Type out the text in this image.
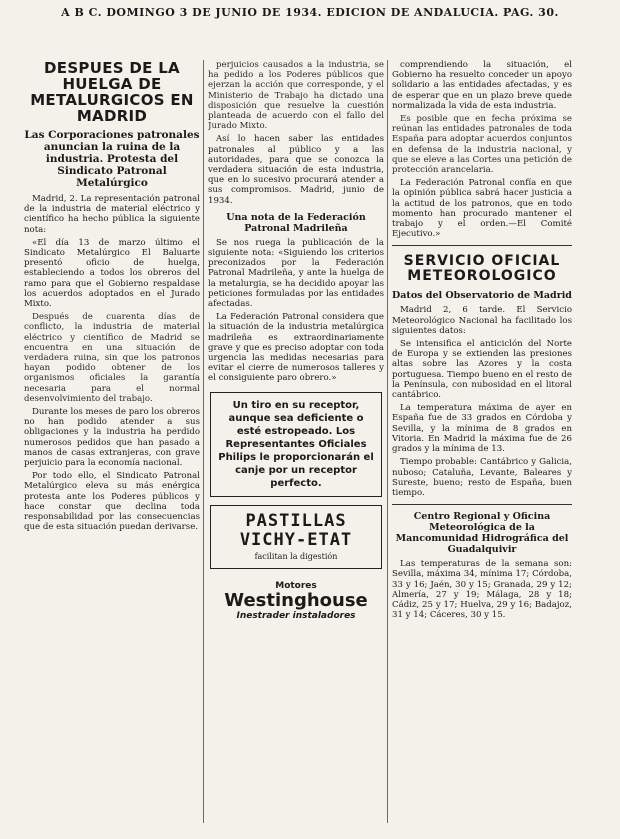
A B C. DOMINGO 3 DE JUNIO DE 1934. EDICION DE ANDALUCIA. PAG. 30.
DESPUES DE LA HUELGA DE METALURGICOS EN MADRID
Las Corporaciones patronales anuncian la ruina de la industria. Protesta del Sindicato Patronal Metalúrgico

Madrid, 2. La representación patronal de la industria de material eléctrico y científico ha hecho pública la siguiente nota:

«El día 13 de marzo último el Sindicato Metalúrgico El Baluarte presentó oficio de huelga, estableciendo a todos los obreros del ramo para que el Gobierno respaldase los acuerdos adoptados en el Jurado Mixto.

Después de cuarenta días de conflicto, la industria de material eléctrico y científico de Madrid se encuentra en una situación de verdadera ruina, sin que los patronos hayan podido obtener de los organismos oficiales la garantía necesaria para el normal desenvolvimiento del trabajo.

Durante los meses de paro los obreros no han podido atender a sus obligaciones y la industria ha perdido numerosos pedidos que han pasado a manos de casas extranjeras, con grave perjuicio para la economía nacional.

Por todo ello, el Sindicato Patronal Metalúrgico eleva su más enérgica protesta ante los Poderes públicos y hace constar que declina toda responsabilidad por las consecuencias que de esta situación puedan derivarse.

perjuicios causados a la industria, se ha pedido a los Poderes públicos que ejerzan la acción que corresponde, y el Ministerio de Trabajo ha dictado una disposición que resuelve la cuestión planteada de acuerdo con el fallo del Jurado Mixto.

Así lo hacen saber las entidades patronales al público y a las autoridades, para que se conozca la verdadera situación de esta industria, que en lo sucesivo procurará atender a sus compromisos. Madrid, junio de 1934.

Una nota de la Federación Patronal Madrileña

Se nos ruega la publicación de la siguiente nota: «Siguiendo los criterios preconizados por la Federación Patronal Madrileña, y ante la huelga de la metalurgia, se ha decidido apoyar las peticiones formuladas por las entidades afectadas.

La Federación Patronal considera que la situación de la industria metalúrgica madrileña es extraordinariamente grave y que es preciso adoptar con toda urgencia las medidas necesarias para evitar el cierre de numerosos talleres y el consiguiente paro obrero.»

Un tiro en su receptor, aunque sea deficiente o esté estropeado. Los Representantes Oficiales Philips le proporcionarán el canje por un receptor perfecto.
PASTILLAS
VICHY-ETAT
facilitan la digestión
Motores
Westinghouse
Inestrader instaladores

comprendiendo la situación, el Gobierno ha resuelto conceder un apoyo solidario a las entidades afectadas, y es de esperar que en un plazo breve quede normalizada la vida de esta industria.

Es posible que en fecha próxima se reúnan las entidades patronales de toda España para adoptar acuerdos conjuntos en defensa de la industria nacional, y que se eleve a las Cortes una petición de protección arancelaria.

La Federación Patronal confía en que la opinión pública sabrá hacer justicia a la actitud de los patronos, que en todo momento han procurado mantener el trabajo y el orden.—El Comité Ejecutivo.»

SERVICIO OFICIAL METEOROLOGICO
Datos del Observatorio de Madrid

Madrid 2, 6 tarde. El Servicio Meteorológico Nacional ha facilitado los siguientes datos:

Se intensifica el anticiclón del Norte de Europa y se extienden las presiones altas sobre las Azores y la costa portuguesa. Tiempo bueno en el resto de la Península, con nubosidad en el litoral cantábrico.

La temperatura máxima de ayer en España fue de 33 grados en Córdoba y Sevilla, y la mínima de 8 grados en Vitoria. En Madrid la máxima fue de 26 grados y la mínima de 13.

Tiempo probable: Cantábrico y Galicia, nuboso; Cataluña, Levante, Baleares y Sureste, bueno; resto de España, buen tiempo.

Centro Regional y Oficina Meteorológica de la Mancomunidad Hidrográfica del Guadalquivir

Las temperaturas de la semana son: Sevilla, máxima 34, mínima 17; Córdoba, 33 y 16; Jaén, 30 y 15; Granada, 29 y 12; Almería, 27 y 19; Málaga, 28 y 18; Cádiz, 25 y 17; Huelva, 29 y 16; Badajoz, 31 y 14; Cáceres, 30 y 15.
